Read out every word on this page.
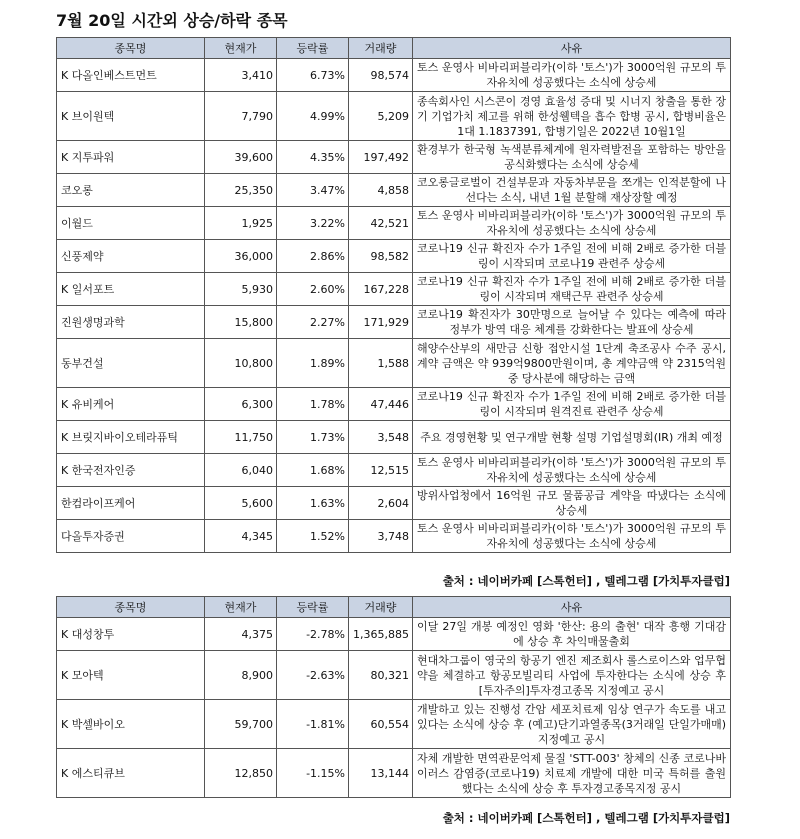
7월 20일 시간외 상승/하락 종목
종목명	현재가	등락률	거래량	사유
K 다올인베스트먼트	3,410	6.73%	98,574	토스 운영사 비바리퍼블리카(이하 '토스')가 3000억원 규모의 투자유치에 성공했다는 소식에 상승세
K 브이원텍	7,790	4.99%	5,209	종속회사인 시스콘이 경영 효율성 증대 및 시너지 창출을 통한 장기 기업가치 제고를 위해 한성웰텍을 흡수 합병 공시, 합병비율은 1대 1.1837391, 합병기일은 2022년 10월1일
K 지투파워	39,600	4.35%	197,492	환경부가 한국형 녹색분류체계에 원자력발전을 포함하는 방안을 공식화했다는 소식에 상승세
코오롱	25,350	3.47%	4,858	코오롱글로벌이 건설부문과 자동차부문을 쪼개는 인적분할에 나선다는 소식, 내년 1월 분할해 재상장할 예정
이월드	1,925	3.22%	42,521	토스 운영사 비바리퍼블리카(이하 '토스')가 3000억원 규모의 투자유치에 성공했다는 소식에 상승세
신풍제약	36,000	2.86%	98,582	코로나19 신규 확진자 수가 1주일 전에 비해 2배로 증가한 더블링이 시작되며 코로나19 관련주 상승세
K 일서포트	5,930	2.60%	167,228	코로나19 신규 확진자 수가 1주일 전에 비해 2배로 증가한 더블링이 시작되며 재택근무 관련주 상승세
진원생명과학	15,800	2.27%	171,929	코로나19 확진자가 30만명으로 늘어날 수 있다는 예측에 따라 정부가 방역 대응 체계를 강화한다는 발표에 상승세
동부건설	10,800	1.89%	1,588	해양수산부의 새만금 신항 접안시설 1단계 축조공사 수주 공시, 계약 금액은 약 939억9800만원이며, 총 계약금액 약 2315억원 중 당사분에 해당하는 금액
K 유비케어	6,300	1.78%	47,446	코로나19 신규 확진자 수가 1주일 전에 비해 2배로 증가한 더블링이 시작되며 원격진료 관련주 상승세
K 브릿지바이오테라퓨틱	11,750	1.73%	3,548	주요 경영현황 및 연구개발 현황 설명 기업설명회(IR) 개최 예정
K 한국전자인증	6,040	1.68%	12,515	토스 운영사 비바리퍼블리카(이하 '토스')가 3000억원 규모의 투자유치에 성공했다는 소식에 상승세
한컴라이프케어	5,600	1.63%	2,604	방위사업청에서 16억원 규모 물품공급 계약을 따냈다는 소식에 상승세
다올투자증권	4,345	1.52%	3,748	토스 운영사 비바리퍼블리카(이하 '토스')가 3000억원 규모의 투자유치에 성공했다는 소식에 상승세
출처 : 네이버카페 [스톡헌터] , 텔레그램 [가치투자클럽]
종목명	현재가	등락률	거래량	사유
K 대성창투	4,375	-2.78%	1,365,885	이달 27일 개봉 예정인 영화 '한산: 용의 출현' 대작 흥행 기대감에 상승 후 차익매물출회
K 모아텍	8,900	-2.63%	80,321	현대차그룹이 영국의 항공기 엔진 제조회사 롤스로이스와 업무협약을 체결하고 항공모빌리티 사업에 투자한다는 소식에 상승 후 [투자주의]투자경고종목 지정예고 공시
K 박셀바이오	59,700	-1.81%	60,554	개발하고 있는 진행성 간암 세포치료제 임상 연구가 속도를 내고 있다는 소식에 상승 후 (예고)단기과열종목(3거래일 단일가매매) 지정예고 공시
K 에스티큐브	12,850	-1.15%	13,144	자체 개발한 면역관문억제 물질 'STT-003' 창체의 신종 코로나바이러스 감염증(코로나19) 치료제 개발에 대한 미국 특허를 출원했다는 소식에 상승 후 투자경고종목지정 공시
출처 : 네이버카페 [스톡헌터] , 텔레그램 [가치투자클럽]
